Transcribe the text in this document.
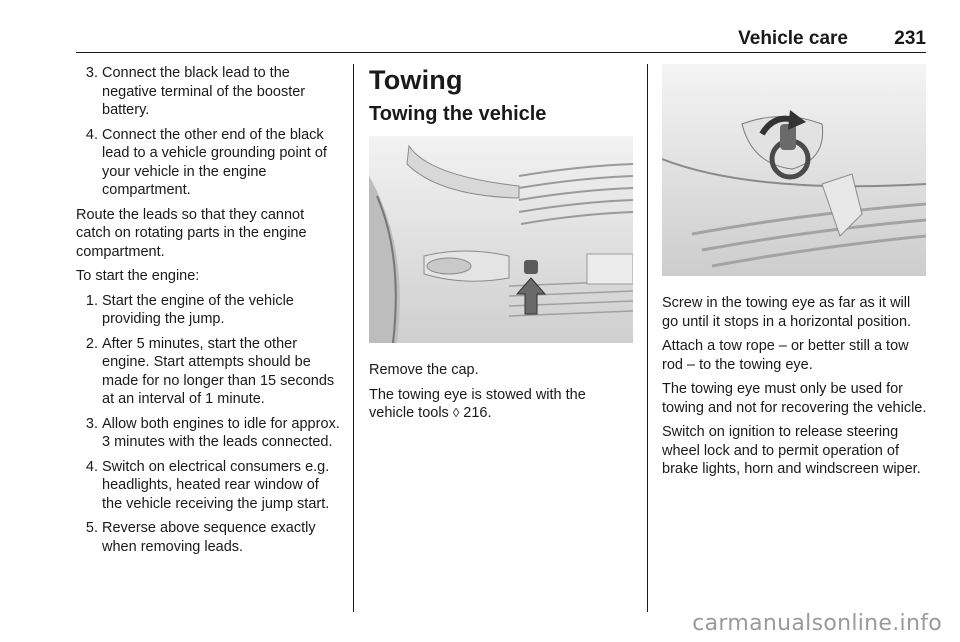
Vehicle care 231
3. Connect the black lead to the negative terminal of the booster battery.
4. Connect the other end of the black lead to a vehicle grounding point of your vehicle in the engine compartment.

Route the leads so that they cannot catch on rotating parts in the engine compartment.

To start the engine:

1. Start the engine of the vehicle providing the jump.
2. After 5 minutes, start the other engine. Start attempts should be made for no longer than 15 seconds at an interval of 1 minute.
3. Allow both engines to idle for approx. 3 minutes with the leads connected.
4. Switch on electrical consumers e.g. headlights, heated rear window of the vehicle receiving the jump start.
5. Reverse above sequence exactly when removing leads.
Towing
Towing the vehicle

Remove the cap.

The towing eye is stowed with the vehicle tools ◊ 216.

Screw in the towing eye as far as it will go until it stops in a horizontal position.

Attach a tow rope – or better still a tow rod – to the towing eye.

The towing eye must only be used for towing and not for recovering the vehicle.

Switch on ignition to release steering wheel lock and to permit operation of brake lights, horn and windscreen wiper.

carmanualsonline.info
